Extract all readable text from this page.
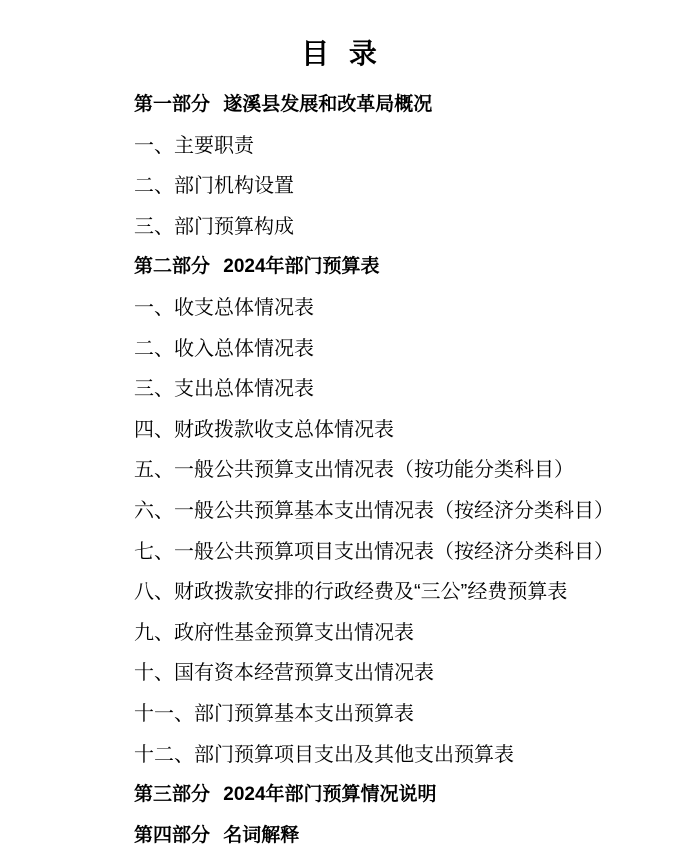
目 录
第一部分 遂溪县发展和改革局概况
一、主要职责
二、部门机构设置
三、部门预算构成
第二部分 2024年部门预算表
一、收支总体情况表
二、收入总体情况表
三、支出总体情况表
四、财政拨款收支总体情况表
五、一般公共预算支出情况表（按功能分类科目）
六、一般公共预算基本支出情况表（按经济分类科目）
七、一般公共预算项目支出情况表（按经济分类科目）
八、财政拨款安排的行政经费及“三公”经费预算表
九、政府性基金预算支出情况表
十、国有资本经营预算支出情况表
十一、部门预算基本支出预算表
十二、部门预算项目支出及其他支出预算表
第三部分 2024年部门预算情况说明
第四部分 名词解释
